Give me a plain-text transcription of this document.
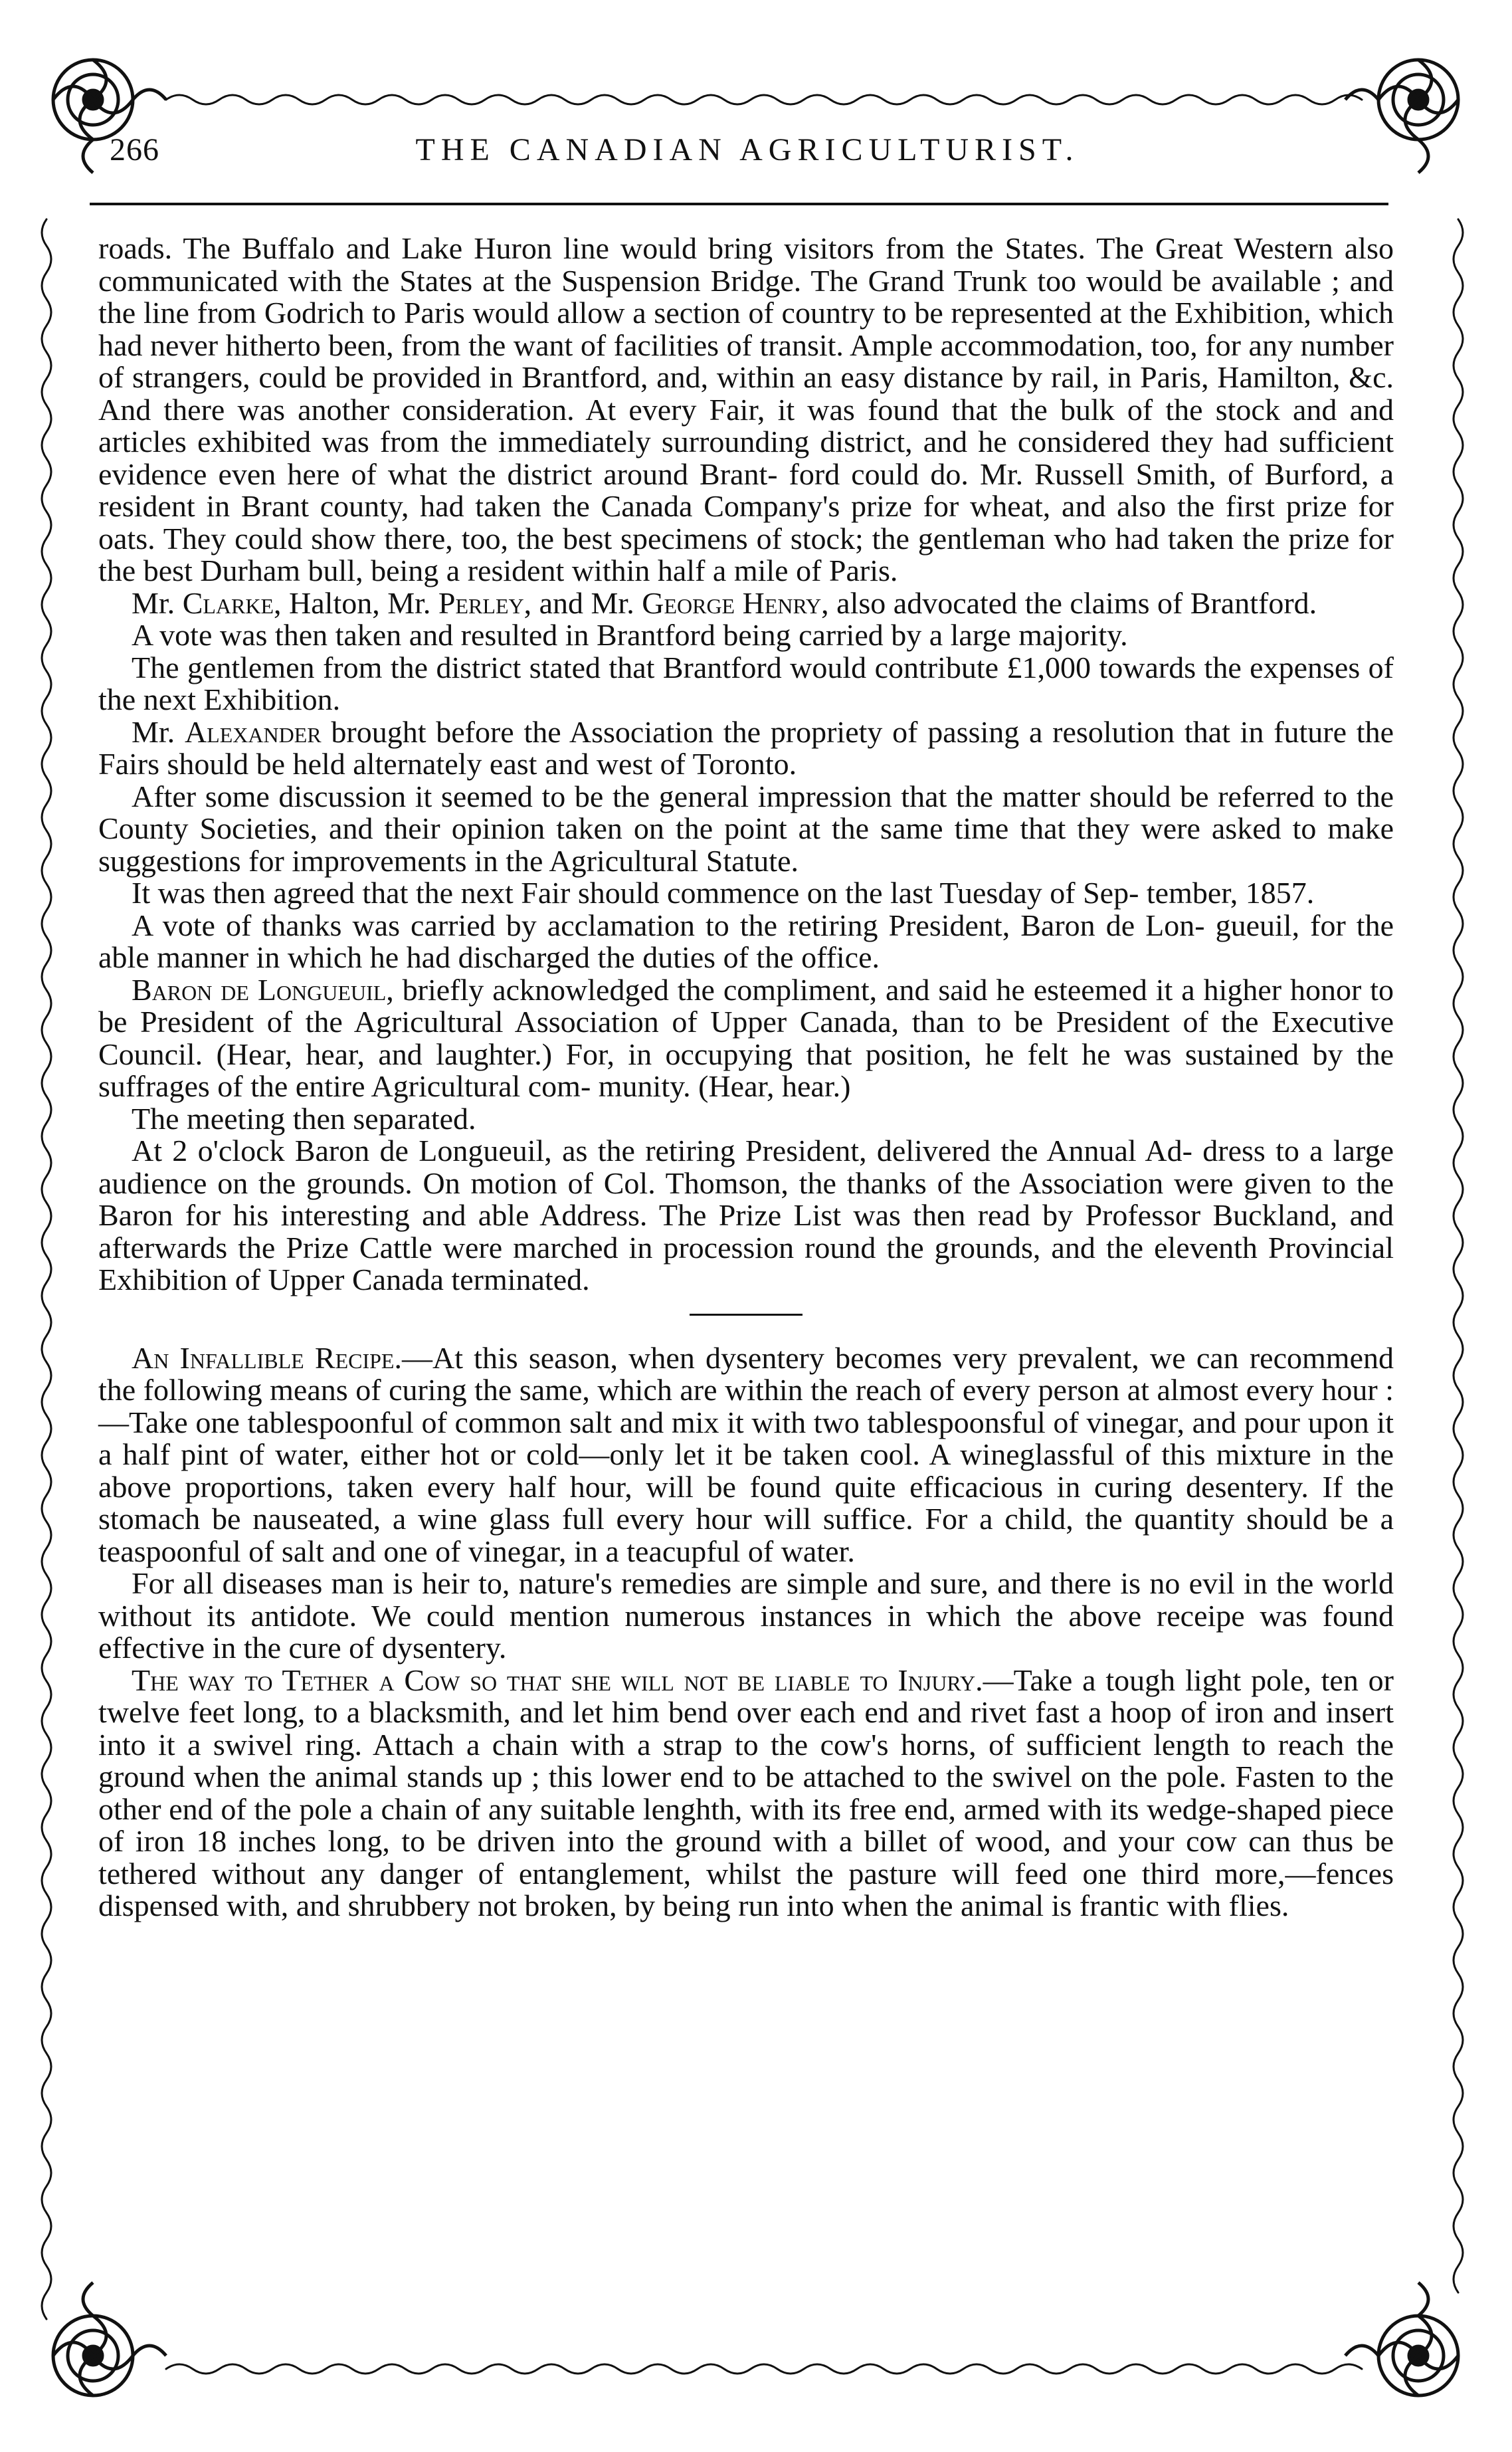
266	THE CANADIAN AGRICULTURIST.

roads. The Buffalo and Lake Huron line would bring visitors from the States. The Great Western also communicated with the States at the Suspension Bridge. The Grand Trunk too would be available ; and the line from Godrich to Paris would allow a section of country to be represented at the Exhibition, which had never hitherto been, from the want of facilities of transit. Ample accommodation, too, for any number of strangers, could be provided in Brantford, and, within an easy distance by rail, in Paris, Hamilton, &c. And there was another consideration. At every Fair, it was found that the bulk of the stock and and articles exhibited was from the immediately surrounding district, and he considered they had sufficient evidence even here of what the district around Brant- ford could do. Mr. Russell Smith, of Burford, a resident in Brant county, had taken the Canada Company's prize for wheat, and also the first prize for oats. They could show there, too, the best specimens of stock; the gentleman who had taken the prize for the best Durham bull, being a resident within half a mile of Paris.

Mr. Clarke, Halton, Mr. Perley, and Mr. George Henry, also advocated the claims of Brantford.

A vote was then taken and resulted in Brantford being carried by a large majority.

The gentlemen from the district stated that Brantford would contribute £1,000 towards the expenses of the next Exhibition.

Mr. Alexander brought before the Association the propriety of passing a resolution that in future the Fairs should be held alternately east and west of Toronto.

After some discussion it seemed to be the general impression that the matter should be referred to the County Societies, and their opinion taken on the point at the same time that they were asked to make suggestions for improvements in the Agricultural Statute.

It was then agreed that the next Fair should commence on the last Tuesday of Sep- tember, 1857.

A vote of thanks was carried by acclamation to the retiring President, Baron de Lon- gueuil, for the able manner in which he had discharged the duties of the office.

Baron de Longueuil, briefly acknowledged the compliment, and said he esteemed it a higher honor to be President of the Agricultural Association of Upper Canada, than to be President of the Executive Council. (Hear, hear, and laughter.) For, in occupying that position, he felt he was sustained by the suffrages of the entire Agricultural com- munity. (Hear, hear.)

The meeting then separated.

At 2 o'clock Baron de Longueuil, as the retiring President, delivered the Annual Ad- dress to a large audience on the grounds. On motion of Col. Thomson, the thanks of the Association were given to the Baron for his interesting and able Address. The Prize List was then read by Professor Buckland, and afterwards the Prize Cattle were marched in procession round the grounds, and the eleventh Provincial Exhibition of Upper Canada terminated.

An Infallible Recipe.—At this season, when dysentery becomes very prevalent, we can recommend the following means of curing the same, which are within the reach of every person at almost every hour :—Take one tablespoonful of common salt and mix it with two tablespoonsful of vinegar, and pour upon it a half pint of water, either hot or cold—only let it be taken cool. A wineglassful of this mixture in the above proportions, taken every half hour, will be found quite efficacious in curing desentery. If the stomach be nauseated, a wine glass full every hour will suffice. For a child, the quantity should be a teaspoonful of salt and one of vinegar, in a teacupful of water.

For all diseases man is heir to, nature's remedies are simple and sure, and there is no evil in the world without its antidote. We could mention numerous instances in which the above receipe was found effective in the cure of dysentery.

The way to Tether a Cow so that she will not be liable to Injury.—Take a tough light pole, ten or twelve feet long, to a blacksmith, and let him bend over each end and rivet fast a hoop of iron and insert into it a swivel ring. Attach a chain with a strap to the cow's horns, of sufficient length to reach the ground when the animal stands up ; this lower end to be attached to the swivel on the pole. Fasten to the other end of the pole a chain of any suitable lenghth, with its free end, armed with its wedge-shaped piece of iron 18 inches long, to be driven into the ground with a billet of wood, and your cow can thus be tethered without any danger of entanglement, whilst the pasture will feed one third more,—fences dispensed with, and shrubbery not broken, by being run into when the animal is frantic with flies.
